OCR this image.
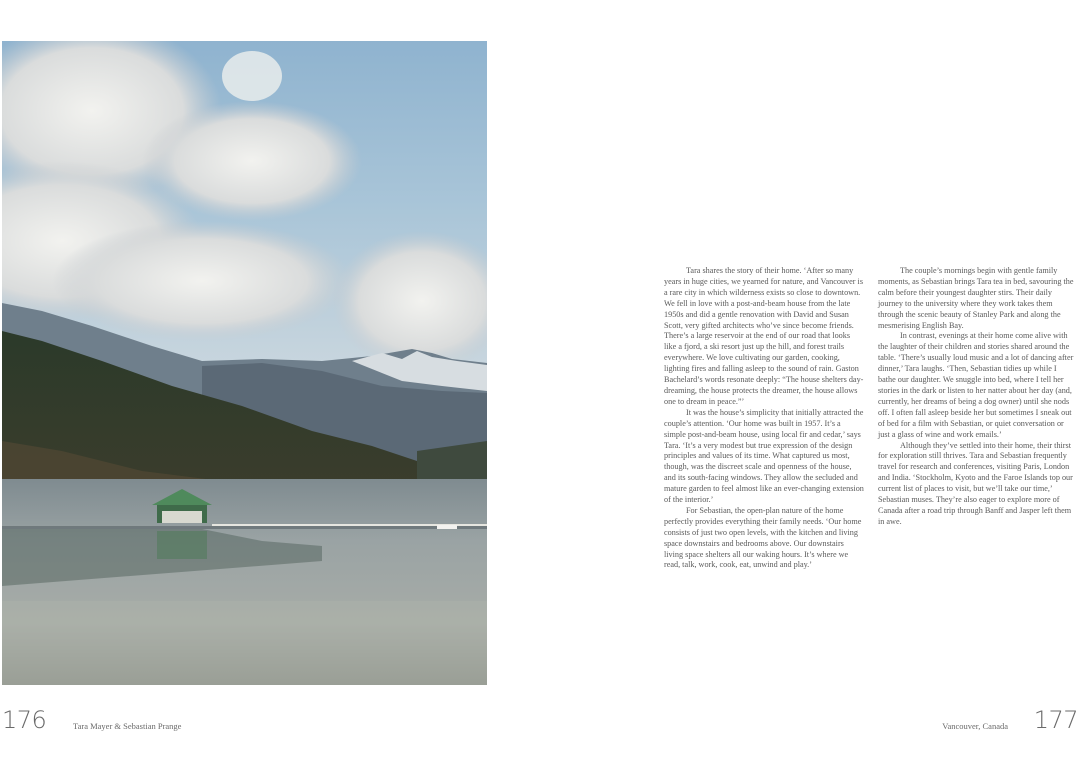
Tara shares the story of their home. ‘After so many years in huge cities, we yearned for nature, and Vancouver is a rare city in which wilderness exists so close to downtown. We fell in love with a post-and-beam house from the late 1950s and did a gentle renovation with David and Susan Scott, very gifted architects who’ve since become friends. There’s a large reservoir at the end of our road that looks like a fjord, a ski resort just up the hill, and forest trails everywhere. We love cultivating our garden, cooking, lighting fires and falling asleep to the sound of rain. Gaston Bachelard’s words resonate deeply: “The house shelters day-dreaming, the house protects the dreamer, the house allows one to dream in peace.”’

It was the house’s simplicity that initially attracted the couple’s attention. ‘Our home was built in 1957. It’s a simple post-and-beam house, using local fir and cedar,’ says Tara. ‘It’s a very modest but true expression of the design principles and values of its time. What captured us most, though, was the discreet scale and openness of the house, and its south-facing windows. They allow the secluded and mature garden to feel almost like an ever-changing extension of the interior.’

For Sebastian, the open-plan nature of the home perfectly provides everything their family needs. ‘Our home consists of just two open levels, with the kitchen and living space downstairs and bedrooms above. Our downstairs living space shelters all our waking hours. It’s where we read, talk, work, cook, eat, unwind and play.’

The couple’s mornings begin with gentle family moments, as Sebastian brings Tara tea in bed, savouring the calm before their youngest daughter stirs. Their daily journey to the university where they work takes them through the scenic beauty of Stanley Park and along the mesmerising English Bay.

In contrast, evenings at their home come alive with the laughter of their children and stories shared around the table. ‘There’s usually loud music and a lot of dancing after dinner,’ Tara laughs. ‘Then, Sebastian tidies up while I bathe our daughter. We snuggle into bed, where I tell her stories in the dark or listen to her natter about her day (and, currently, her dreams of being a dog owner) until she nods off. I often fall asleep beside her but sometimes I sneak out of bed for a film with Sebastian, or quiet conversation or just a glass of wine and work emails.’

Although they’ve settled into their home, their thirst for exploration still thrives. Tara and Sebastian frequently travel for research and conferences, visiting Paris, London and India. ‘Stockholm, Kyoto and the Faroe Islands top our current list of places to visit, but we’ll take our time,’ Sebastian muses. They’re also eager to explore more of Canada after a road trip through Banff and Jasper left them in awe.

176	Tara Mayer & Sebastian Prange	Vancouver, Canada 177
